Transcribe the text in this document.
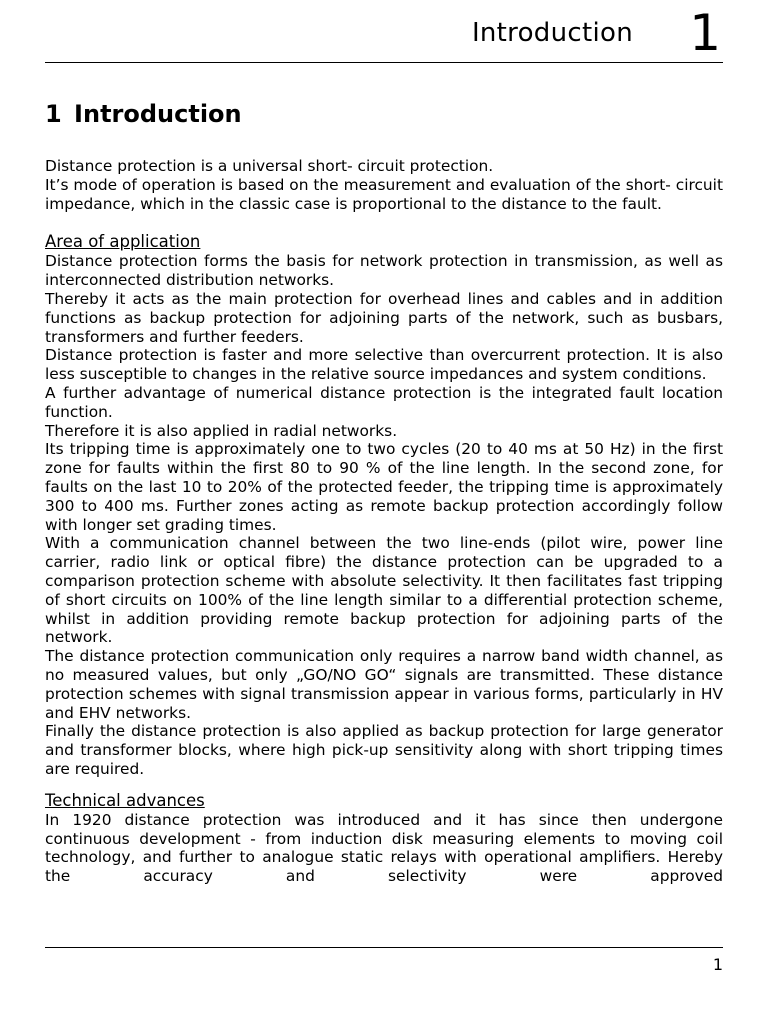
Introduction 1
1 Introduction

Distance protection is a universal short- circuit protection.

It’s mode of operation is based on the measurement and evaluation of the short- circuit impedance, which in the classic case is proportional to the distance to the fault.

Area of application

Distance protection forms the basis for network protection in transmission, as well as interconnected distribution networks.

Thereby it acts as the main protection for overhead lines and cables and in addition functions as backup protection for adjoining parts of the network, such as busbars, transformers and further feeders.

Distance protection is faster and more selective than overcurrent protection. It is also less susceptible to changes in the relative source impedances and system conditions.

A further advantage of numerical distance protection is the integrated fault location function.

Therefore it is also applied in radial networks.

Its tripping time is approximately one to two cycles (20 to 40 ms at 50 Hz) in the first zone for faults within the first 80 to 90 % of the line length. In the second zone, for faults on the last 10 to 20% of the protected feeder, the tripping time is approximately 300 to 400 ms. Further zones acting as remote backup protection accordingly follow with longer set grading times.

With a communication channel between the two line-ends (pilot wire, power line carrier, radio link or optical fibre) the distance protection can be upgraded to a comparison protection scheme with absolute selectivity. It then facilitates fast tripping of short circuits on 100% of the line length similar to a differential protection scheme, whilst in addition providing remote backup protection for adjoining parts of the network.

The distance protection communication only requires a narrow band width channel, as no measured values, but only „GO/NO GO“ signals are transmitted. These distance protection schemes with signal transmission appear in various forms, particularly in HV and EHV networks.

Finally the distance protection is also applied as backup protection for large generator and transformer blocks, where high pick-up sensitivity along with short tripping times are required.

Technical advances

In 1920 distance protection was introduced and it has since then undergone continuous development - from induction disk measuring elements to moving coil technology, and further to analogue static relays with operational amplifiers. Hereby the accuracy and selectivity were approved

1
